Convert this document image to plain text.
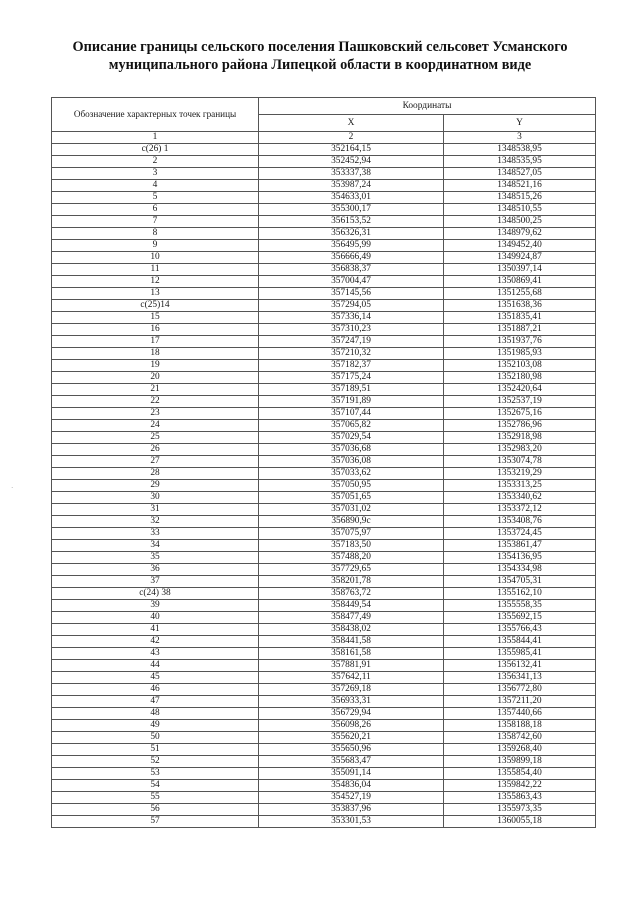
Описание границы сельского поселения Пашковский сельсовет Усманского
муниципального района Липецкой области в координатном виде
Обозначение характерных точек границы	Координаты	
	X	Y
1	2	3
с(26) 1	352164,15	1348538,95
2	352452,94	1348535,95
3	353337,38	1348527,05
4	353987,24	1348521,16
5	354633,01	1348515,26
6	355300,17	1348510,55
7	356153,52	1348500,25
8	356326,31	1348979,62
9	356495,99	1349452,40
10	356666,49	1349924,87
11	356838,37	1350397,14
12	357004,47	1350869,41
13	357145,56	1351255,68
с(25)14	357294,05	1351638,36
15	357336,14	1351835,41
16	357310,23	1351887,21
17	357247,19	1351937,76
18	357210,32	1351985,93
19	357182,37	1352103,08
20	357175,24	1352180,98
21	357189,51	1352420,64
22	357191,89	1352537,19
23	357107,44	1352675,16
24	357065,82	1352786,96
25	357029,54	1352918,98
26	357036,68	1352983,20
27	357036,08	1353074,78
28	357033,62	1353219,29
29	357050,95	1353313,25
30	357051,65	1353340,62
31	357031,02	1353372,12
32	356890,9с	1353408,76
33	357075,97	1353724,45
34	357183,50	1353861,47
35	357488,20	1354136,95
36	357729,65	1354334,98
37	358201,78	1354705,31
с(24) 38	358763,72	1355162,10
39	358449,54	1355558,35
40	358477,49	1355692,15
41	358438,02	1355766,43
42	358441,58	1355844,41
43	358161,58	1355985,41
44	357881,91	1356132,41
45	357642,11	1356341,13
46	357269,18	1356772,80
47	356933,31	1357211,20
48	356729,94	1357440,66
49	356098,26	1358188,18
50	355620,21	1358742,60
51	355650,96	1359268,40
52	355683,47	1359899,18
53	355091,14	1355854,40
54	354836,04	1359842,22
55	354527,19	1355863,43
56	353837,96	1355973,35
57	353301,53	1360055,18
·
